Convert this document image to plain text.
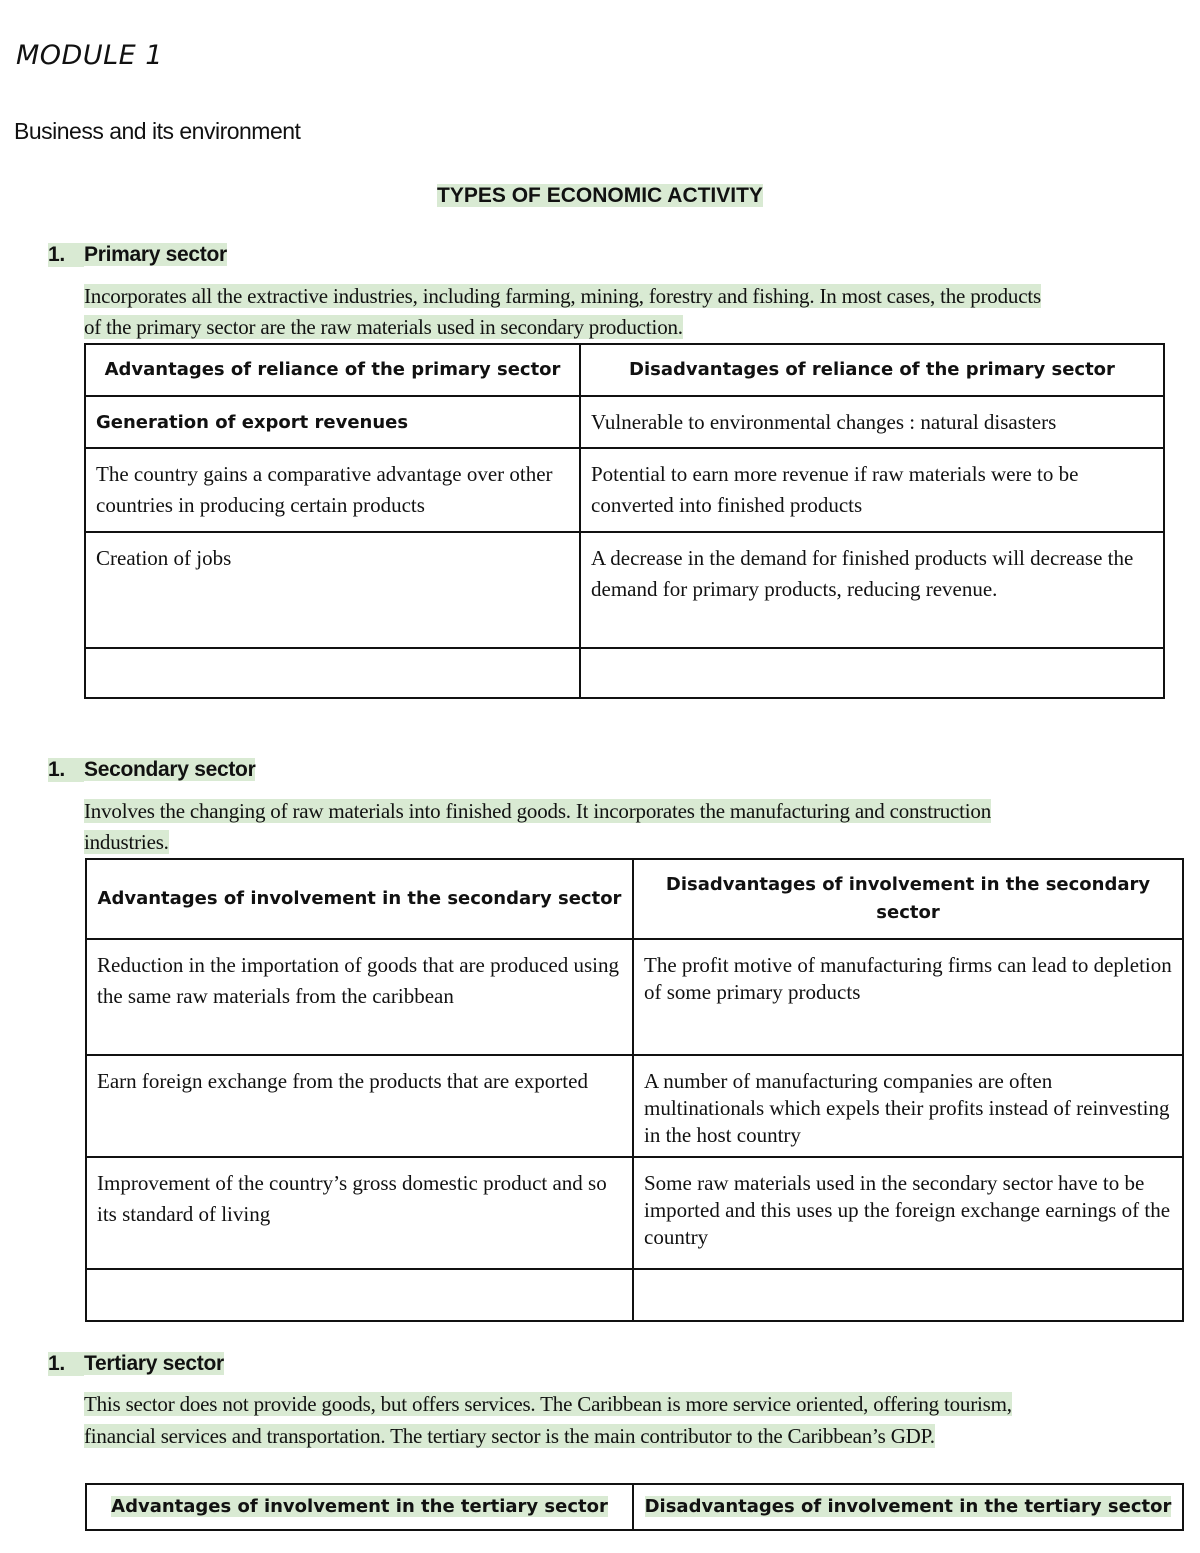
MODULE 1
Business and its environment
TYPES OF ECONOMIC ACTIVITY
1. Primary sector
Incorporates all the extractive industries, including farming, mining, forestry and fishing. In most cases, the products
of the primary sector are the raw materials used in secondary production.
Advantages of reliance of the primary sector	Disadvantages of reliance of the primary sector
Generation of export revenues	Vulnerable to environmental changes : natural disasters
The country gains a comparative advantage over other countries in producing certain products	Potential to earn more revenue if raw materials were to be converted into finished products
Creation of jobs	A decrease in the demand for finished products will decrease the demand for primary products, reducing revenue.

1. Secondary sector
Involves the changing of raw materials into finished goods. It incorporates the manufacturing and construction
industries.
Advantages of involvement in the secondary sector	Disadvantages of involvement in the secondary sector
Reduction in the importation of goods that are produced using the same raw materials from the caribbean	The profit motive of manufacturing firms can lead to depletion of some primary products
Earn foreign exchange from the products that are exported	A number of manufacturing companies are often multinationals which expels their profits instead of reinvesting in the host country
Improvement of the country’s gross domestic product and so its standard of living	Some raw materials used in the secondary sector have to be imported and this uses up the foreign exchange earnings of the country

1. Tertiary sector
This sector does not provide goods, but offers services. The Caribbean is more service oriented, offering tourism,
financial services and transportation. The tertiary sector is the main contributor to the Caribbean’s GDP.
Advantages of involvement in the tertiary sector	Disadvantages of involvement in the tertiary sector
